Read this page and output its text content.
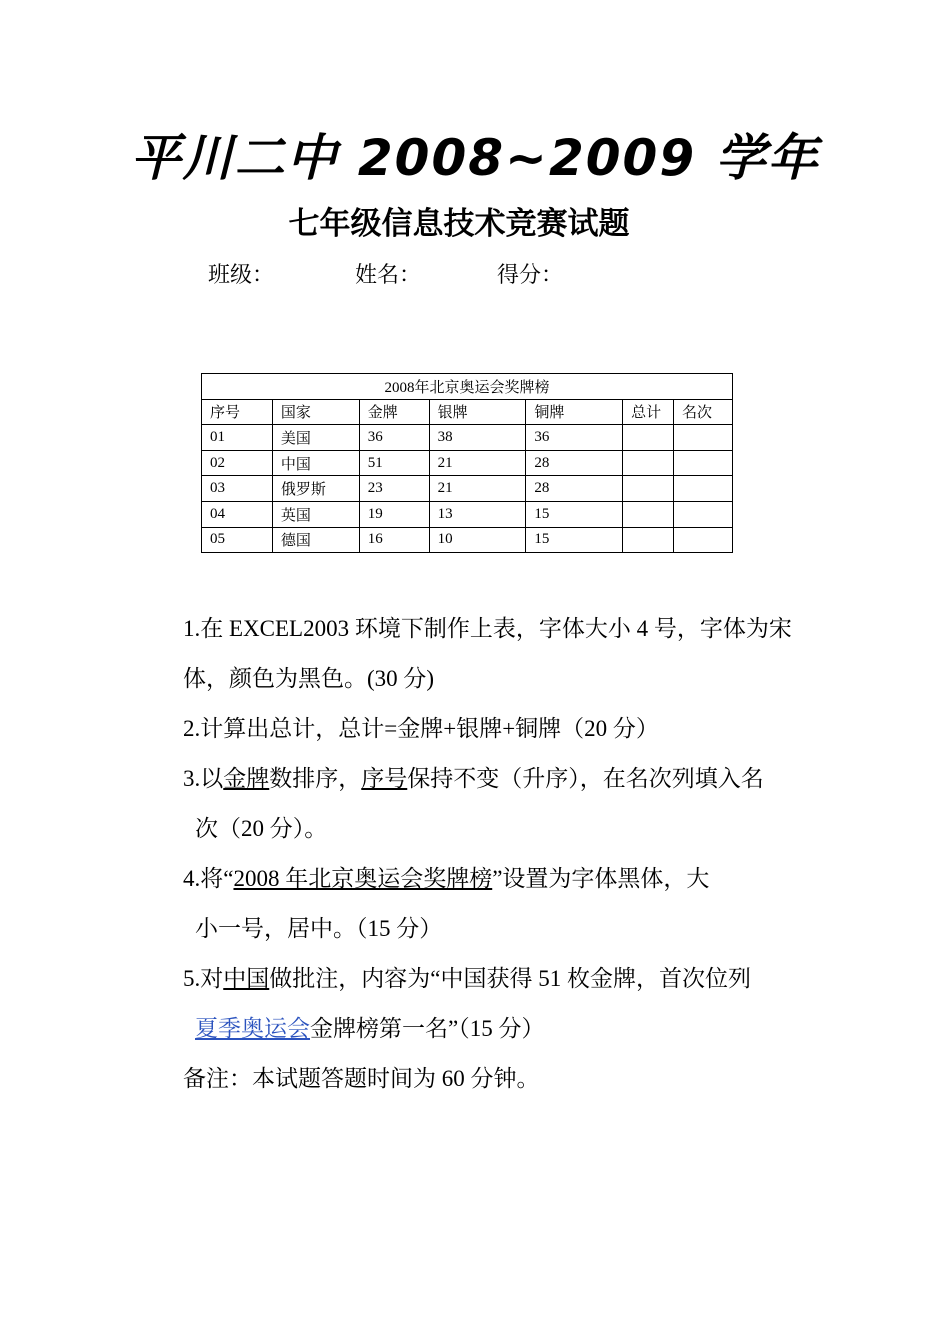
平川二中 2008~2009 学年
七年级信息技术竞赛试题
班级：	姓名：	得分：
2008年北京奥运会奖牌榜						
序号	国家	金牌	银牌	铜牌	总计	名次
01	美国	36	38	36		
02	中国	51	21	28		
03	俄罗斯	23	21	28		
04	英国	19	13	15		
05	德国	16	10	15		

1.在 EXCEL2003 环境下制作上表，字体大小 4 号，字体为宋体，颜色为黑色。(30 分)

2.计算出总计，总计=金牌+银牌+铜牌（20 分）

3.以金牌数排序，序号保持不变（升序），在名次列填入名
次（20 分）。

4.将“2008 年北京奥运会奖牌榜”设置为字体黑体，大
小一号，居中。（15 分）

5.对中国做批注，内容为“中国获得 51 枚金牌，首次位列
夏季奥运会金牌榜第一名”（15 分）

备注：本试题答题时间为 60 分钟。
